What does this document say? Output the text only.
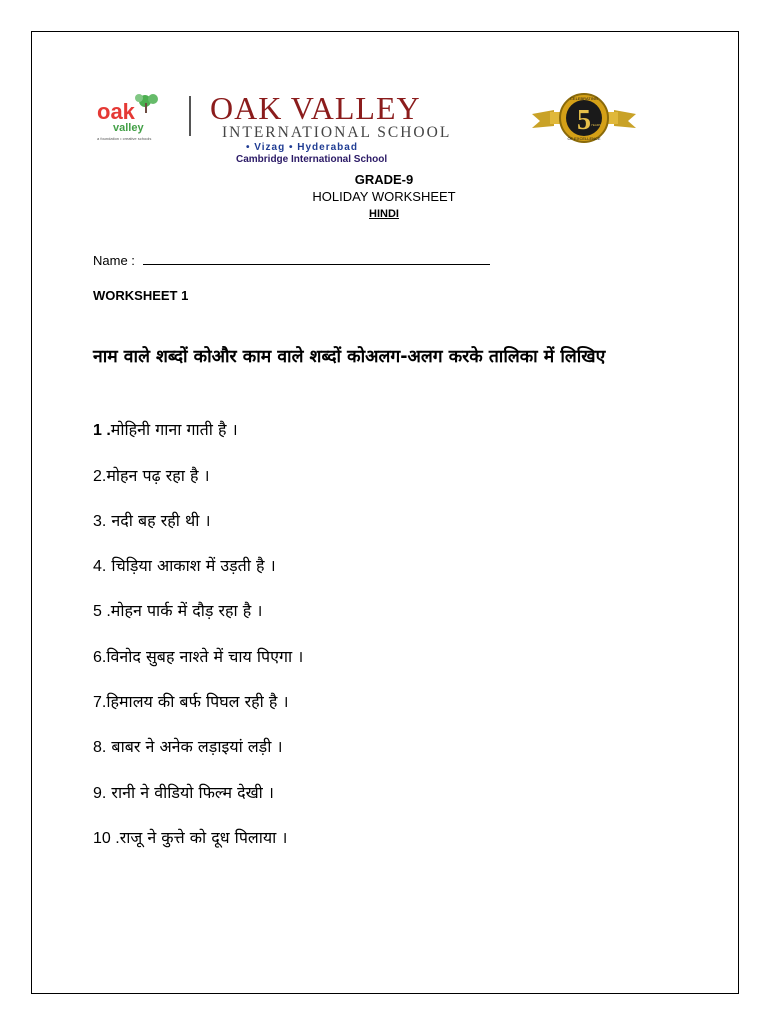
oak
valley
a foundation • creative schools
OAK VALLEY
INTERNATIONAL SCHOOL
• Vizag • Hyderabad
Cambridge International School
5
CELEBRATING
YEARS
OF EXCELLENCE
GRADE-9
HOLIDAY WORKSHEET
HINDI
Name :
WORKSHEET 1
नाम वाले शब्दों कोऔर काम वाले शब्दों कोअलग-अलग करके तालिका में लिखिए
1 .मोहिनी गाना गाती है ।
2.मोहन पढ़ रहा है ।
3. नदी बह रही थी ।
4. चिड़िया आकाश में उड़ती है ।
5 .मोहन पार्क में दौड़ रहा है ।
6.विनोद सुबह नाश्ते में चाय पिएगा ।
7.हिमालय की बर्फ पिघल रही है ।
8. बाबर ने अनेक लड़ाइयां लड़ी ।
9. रानी ने वीडियो फिल्म देखी ।
10 .राजू ने कुत्ते को दूध पिलाया ।
